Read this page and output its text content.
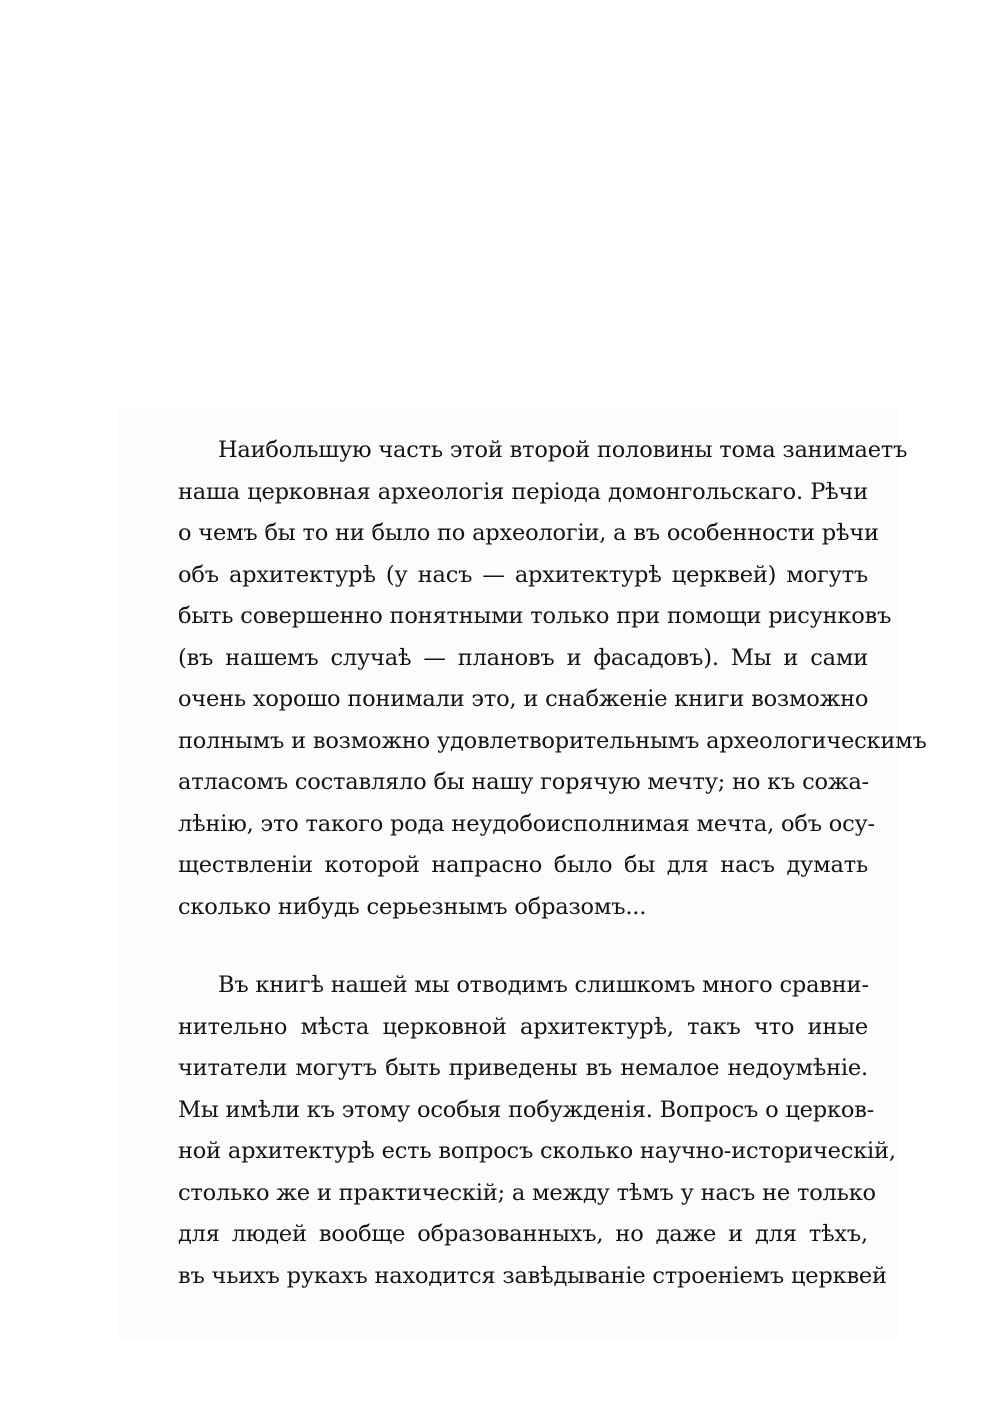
Наибольшую часть этой второй половины тома занимаетъ
наша церковная археологія періода домонгольскаго. Рѣчи
о чемъ бы то ни было по археологіи, а въ особенности рѣчи
объ архитектурѣ (у насъ — архитектурѣ церквей) могутъ
быть совершенно понятными только при помощи рисунковъ
(въ нашемъ случаѣ — плановъ и фасадовъ). Мы и сами
очень хорошо понимали это, и снабженіе книги возможно
полнымъ и возможно удовлетворительнымъ археологическимъ
атласомъ составляло бы нашу горячую мечту; но къ сожа-
лѣнію, это такого рода неудобоисполнимая мечта, объ осу-
ществленіи которой напрасно было бы для насъ думать
сколько нибудь серьезнымъ образомъ...
Въ книгѣ нашей мы отводимъ слишкомъ много сравни-
нительно мѣста церковной архитектурѣ, такъ что иные
читатели могутъ быть приведены въ немалое недоумѣніе.
Мы имѣли къ этому особыя побужденія. Вопросъ о церков-
ной архитектурѣ есть вопросъ сколько научно-историческій,
столько же и практическій; а между тѣмъ у насъ не только
для людей вообще образованныхъ, но даже и для тѣхъ,
въ чьихъ рукахъ находится завѣдываніе строеніемъ церквей
